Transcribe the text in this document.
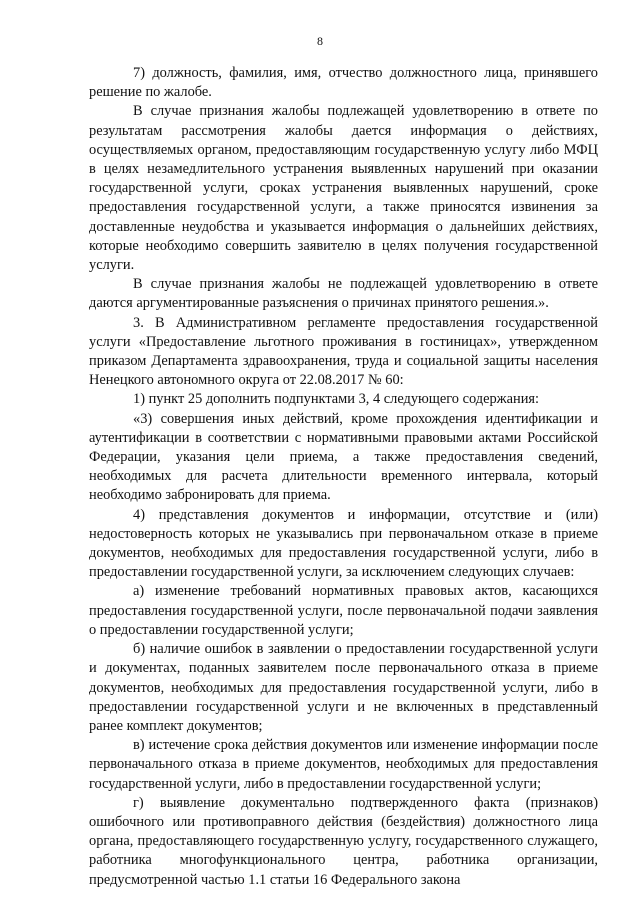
8

7) должность, фамилия, имя, отчество должностного лица, принявшего решение по жалобе.

В случае признания жалобы подлежащей удовлетворению в ответе по результатам рассмотрения жалобы дается информация о действиях, осуществляемых органом, предоставляющим государственную услугу либо МФЦ в целях незамедлительного устранения выявленных нарушений при оказании государственной услуги, сроках устранения выявленных нарушений, сроке предоставления государственной услуги, а также приносятся извинения за доставленные неудобства и указывается информация о дальнейших действиях, которые необходимо совершить заявителю в целях получения государственной услуги.

В случае признания жалобы не подлежащей удовлетворению в ответе даются аргументированные разъяснения о причинах принятого решения.».

3. В Административном регламенте предоставления государственной услуги «Предоставление льготного проживания в гостиницах», утвержденном приказом Департамента здравоохранения, труда и социальной защиты населения Ненецкого автономного округа от 22.08.2017 № 60:

1) пункт 25 дополнить подпунктами 3, 4 следующего содержания:

«3) совершения иных действий, кроме прохождения идентификации и аутентификации в соответствии с нормативными правовыми актами Российской Федерации, указания цели приема, а также предоставления сведений, необходимых для расчета длительности временного интервала, который необходимо забронировать для приема.

4) представления документов и информации, отсутствие и (или) недостоверность которых не указывались при первоначальном отказе в приеме документов, необходимых для предоставления государственной услуги, либо в предоставлении государственной услуги, за исключением следующих случаев:

а) изменение требований нормативных правовых актов, касающихся предоставления государственной услуги, после первоначальной подачи заявления о предоставлении государственной услуги;

б) наличие ошибок в заявлении о предоставлении государственной услуги и документах, поданных заявителем после первоначального отказа в приеме документов, необходимых для предоставления государственной услуги, либо в предоставлении государственной услуги и не включенных в представленный ранее комплект документов;

в) истечение срока действия документов или изменение информации после первоначального отказа в приеме документов, необходимых для предоставления государственной услуги, либо в предоставлении государственной услуги;

г) выявление документально подтвержденного факта (признаков) ошибочного или противоправного действия (бездействия) должностного лица органа, предоставляющего государственную услугу, государственного служащего, работника многофункционального центра, работника организации, предусмотренной частью 1.1 статьи 16 Федерального закона
